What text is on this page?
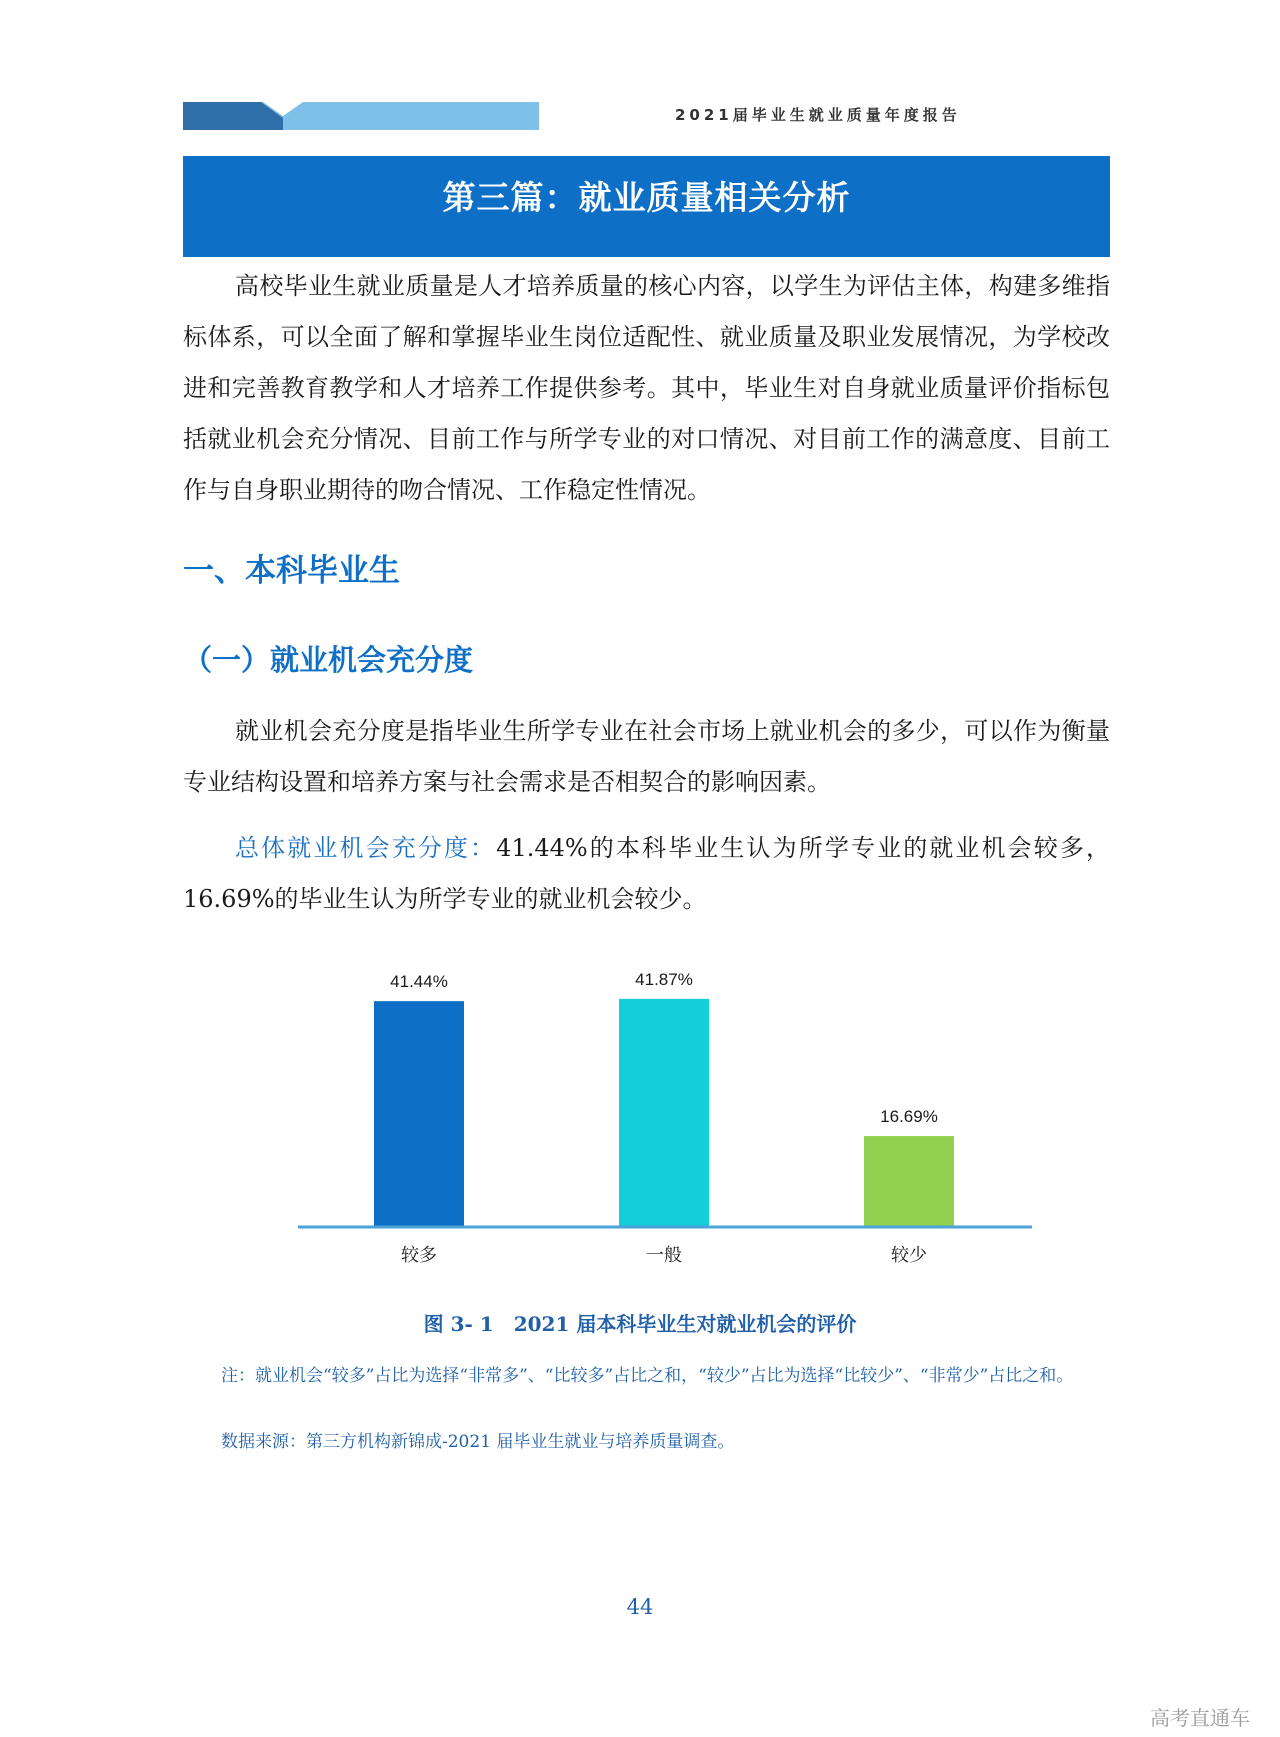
2021届毕业生就业质量年度报告
第三篇：就业质量相关分析

高校毕业生就业质量是人才培养质量的核心内容，以学生为评估主体，构建多维指标体系，可以全面了解和掌握毕业生岗位适配性、就业质量及职业发展情况，为学校改进和完善教育教学和人才培养工作提供参考。其中，毕业生对自身就业质量评价指标包括就业机会充分情况、目前工作与所学专业的对口情况、对目前工作的满意度、目前工作与自身职业期待的吻合情况、工作稳定性情况。

一、本科毕业生
（一）就业机会充分度

就业机会充分度是指毕业生所学专业在社会市场上就业机会的多少，可以作为衡量专业结构设置和培养方案与社会需求是否相契合的影响因素。

总体就业机会充分度：41.44%的本科毕业生认为所学专业的就业机会较多，16.69%的毕业生认为所学专业的就业机会较少。

41.44%
较多
41.87%
一般
16.69%
较少
图 3- 1　2021 届本科毕业生对就业机会的评价

注：就业机会“较多”占比为选择“非常多”、“比较多”占比之和，“较少”占比为选择“比较少”、“非常少”占比之和。

数据来源：第三方机构新锦成-2021 届毕业生就业与培养质量调查。

44
高考直通车
